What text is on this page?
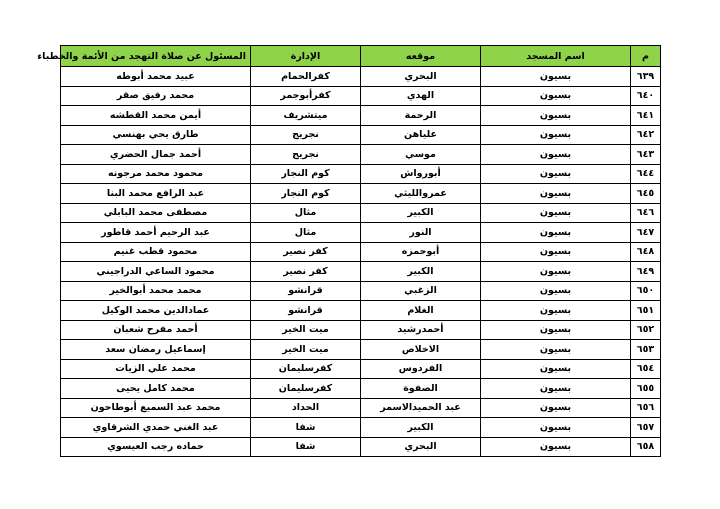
م	اسم المسجد	موقعه	الإدارة	المسئول عن صلاة التهجد من الأئمة والخطباء
٦٣٩	بسيون	البحري	كفرالحمام	عبيد محمد أبوطه
٦٤٠	بسيون	الهدي	كفرأبوجمر	محمد رفيق صقر
٦٤١	بسيون	الرحمة	ميتشريف	أيمن محمد القطشه
٦٤٢	بسيون	علياهن	نجريج	طارق يحي بهنسي
٦٤٣	بسيون	موسي	نجريج	أحمد جمال الحضري
٦٤٤	بسيون	أبورواش	كوم النجار	محمود محمد مرجونه
٦٤٥	بسيون	عمروالليثي	كوم النجار	عبد الرافع محمد البنا
٦٤٦	بسيون	الكبير	مثال	مصطفى محمد البابلي
٦٤٧	بسيون	النور	مثال	عبد الرحيم أحمد قاطور
٦٤٨	بسيون	أبوحمزه	كفر نصير	محمود قطب غنيم
٦٤٩	بسيون	الكبير	كفر نصير	محمود الساعي الدراجيني
٦٥٠	بسيون	الزغبي	قرانشو	محمد محمد أبوالخير
٦٥١	بسيون	الغلام	قرانشو	عمادالدين محمد الوكيل
٦٥٢	بسيون	أحمدرشيد	ميت الخير	أحمد مفرح شعبان
٦٥٣	بسيون	الاخلاص	ميت الخير	إسماعيل رمضان سعد
٦٥٤	بسيون	الفردوس	كفرسليمان	محمد علي الزيات
٦٥٥	بسيون	الصفوة	كفرسليمان	محمد كامل يحيى
٦٥٦	بسيون	عبد الحميدالاسمر	الحداد	محمد عبد السميع أبوطاحون
٦٥٧	بسيون	الكبير	شفا	عبد الغني حمدي الشرقاوي
٦٥٨	بسيون	البحري	شفا	حماده رجب العيسوي
